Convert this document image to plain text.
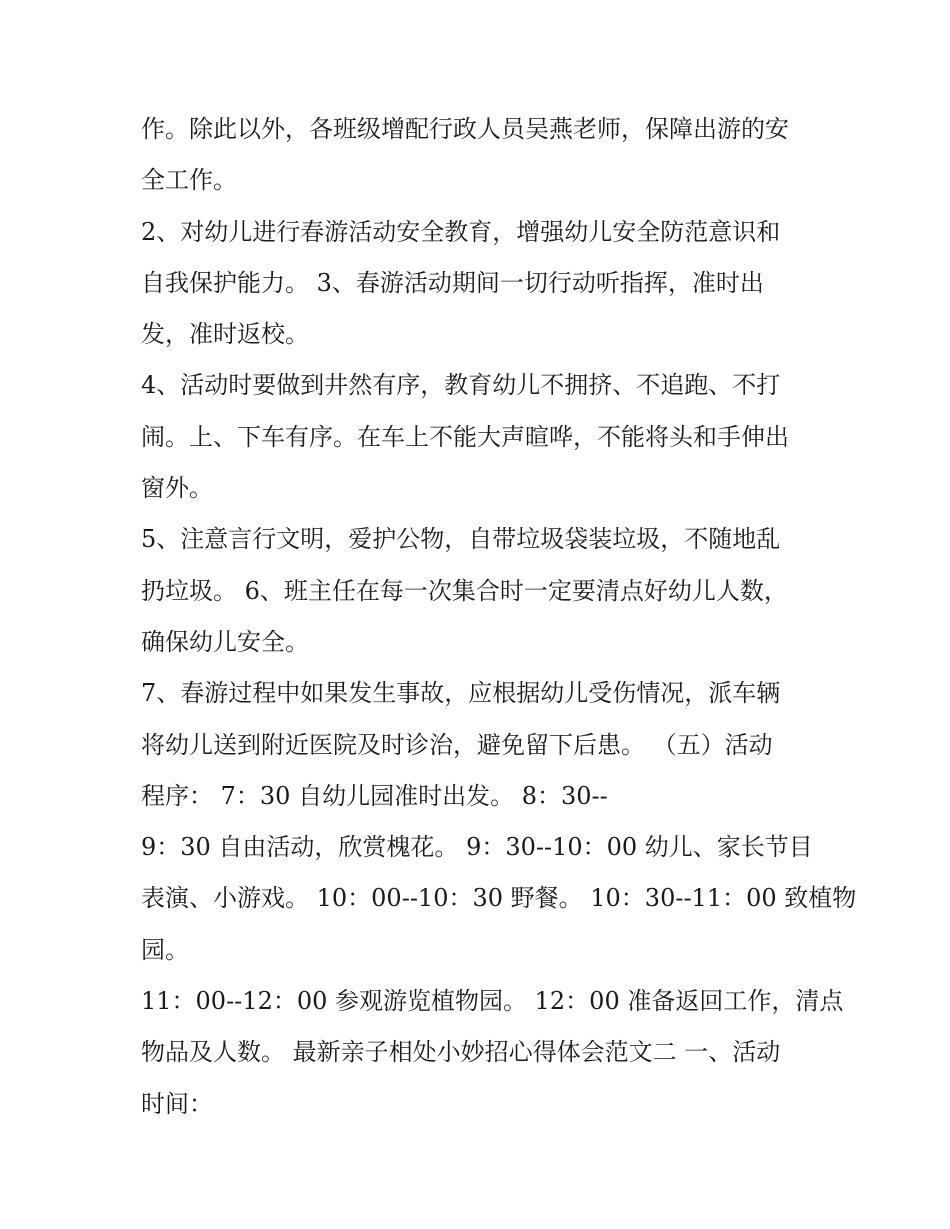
作。除此以外，各班级增配行政人员吴燕老师，保障出游的安
全工作。
2、对幼儿进行春游活动安全教育，增强幼儿安全防范意识和
自我保护能力。 3、春游活动期间一切行动听指挥，准时出
发，准时返校。
4、活动时要做到井然有序，教育幼儿不拥挤、不追跑、不打
闹。上、下车有序。在车上不能大声暄哗，不能将头和手伸出
窗外。
5、注意言行文明，爱护公物，自带垃圾袋装垃圾，不随地乱
扔垃圾。 6、班主任在每一次集合时一定要清点好幼儿人数，
确保幼儿安全。
7、春游过程中如果发生事故，应根据幼儿受伤情况，派车辆
将幼儿送到附近医院及时诊治，避免留下后患。 （五）活动
程序： 7：30 自幼儿园准时出发。 8：30--
9：30 自由活动，欣赏槐花。 9：30--10：00 幼儿、家长节目
表演、小游戏。 10：00--10：30 野餐。 10：30--11：00 致植物
园。
11：00--12：00 参观游览植物园。 12：00 准备返回工作，清点
物品及人数。 最新亲子相处小妙招心得体会范文二 一、活动
时间：
